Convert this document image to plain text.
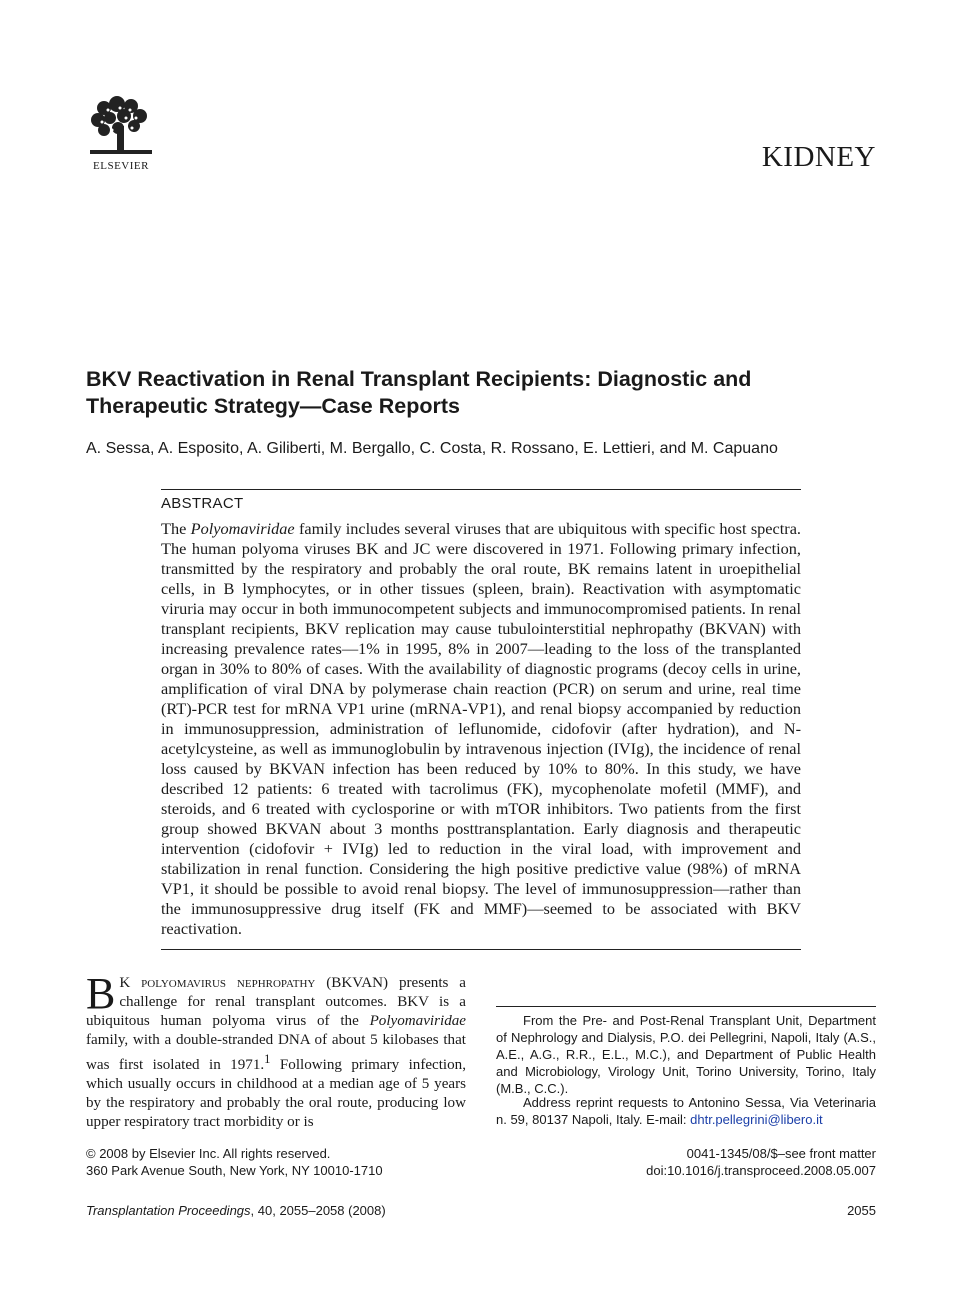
ELSEVIER	KIDNEY
BKV Reactivation in Renal Transplant Recipients: Diagnostic and Therapeutic Strategy—Case Reports
A. Sessa, A. Esposito, A. Giliberti, M. Bergallo, C. Costa, R. Rossano, E. Lettieri, and M. Capuano
ABSTRACT

The Polyomaviridae family includes several viruses that are ubiquitous with specific host spectra. The human polyoma viruses BK and JC were discovered in 1971. Following primary infection, transmitted by the respiratory and probably the oral route, BK remains latent in uroepithelial cells, in B lymphocytes, or in other tissues (spleen, brain). Reactivation with asymptomatic viruria may occur in both immunocompetent subjects and immunocompromised patients. In renal transplant recipients, BKV replication may cause tubulointerstitial nephropathy (BKVAN) with increasing prevalence rates—1% in 1995, 8% in 2007—leading to the loss of the transplanted organ in 30% to 80% of cases. With the availability of diagnostic programs (decoy cells in urine, amplification of viral DNA by polymerase chain reaction (PCR) on serum and urine, real time (RT)-PCR test for mRNA VP1 urine (mRNA-VP1), and renal biopsy accompanied by reduction in immunosuppression, administration of leflunomide, cidofovir (after hydration), and N-acetylcysteine, as well as immunoglobulin by intravenous injection (IVIg), the incidence of renal loss caused by BKVAN infection has been reduced by 10% to 80%. In this study, we have described 12 patients: 6 treated with tacrolimus (FK), mycophenolate mofetil (MMF), and steroids, and 6 treated with cyclosporine or with mTOR inhibitors. Two patients from the first group showed BKVAN about 3 months posttransplantation. Early diagnosis and therapeutic intervention (cidofovir + IVIg) led to reduction in the viral load, with improvement and stabilization in renal function. Considering the high positive predictive value (98%) of mRNA VP1, it should be possible to avoid renal biopsy. The level of immunosuppression—rather than the immunosuppressive drug itself (FK and MMF)—seemed to be associated with BKV reactivation.

B K polyomavirus nephropathy (BKVAN) presents a challenge for renal transplant outcomes. BKV is a ubiquitous human polyoma virus of the Polyomaviridae family, with a double-stranded DNA of about 5 kilobases that was first isolated in 1971.$^1$ Following primary infection, which usually occurs in childhood at a median age of 5 years by the respiratory and probably the oral route, producing low upper respiratory tract morbidity or is

From the Pre- and Post-Renal Transplant Unit, Department of Nephrology and Dialysis, P.O. dei Pellegrini, Napoli, Italy (A.S., A.E., A.G., R.R., E.L., M.C.), and Department of Public Health and Microbiology, Virology Unit, Torino University, Torino, Italy (M.B., C.C.).

Address reprint requests to Antonino Sessa, Via Veterinaria n. 59, 80137 Napoli, Italy. E-mail: dhtr.pellegrini@libero.it

© 2008 by Elsevier Inc. All rights reserved.
360 Park Avenue South, New York, NY 10010-1710
0041-1345/08/$–see front matter
doi:10.1016/j.transproceed.2008.05.007
Transplantation Proceedings, 40, 2055–2058 (2008)	2055
